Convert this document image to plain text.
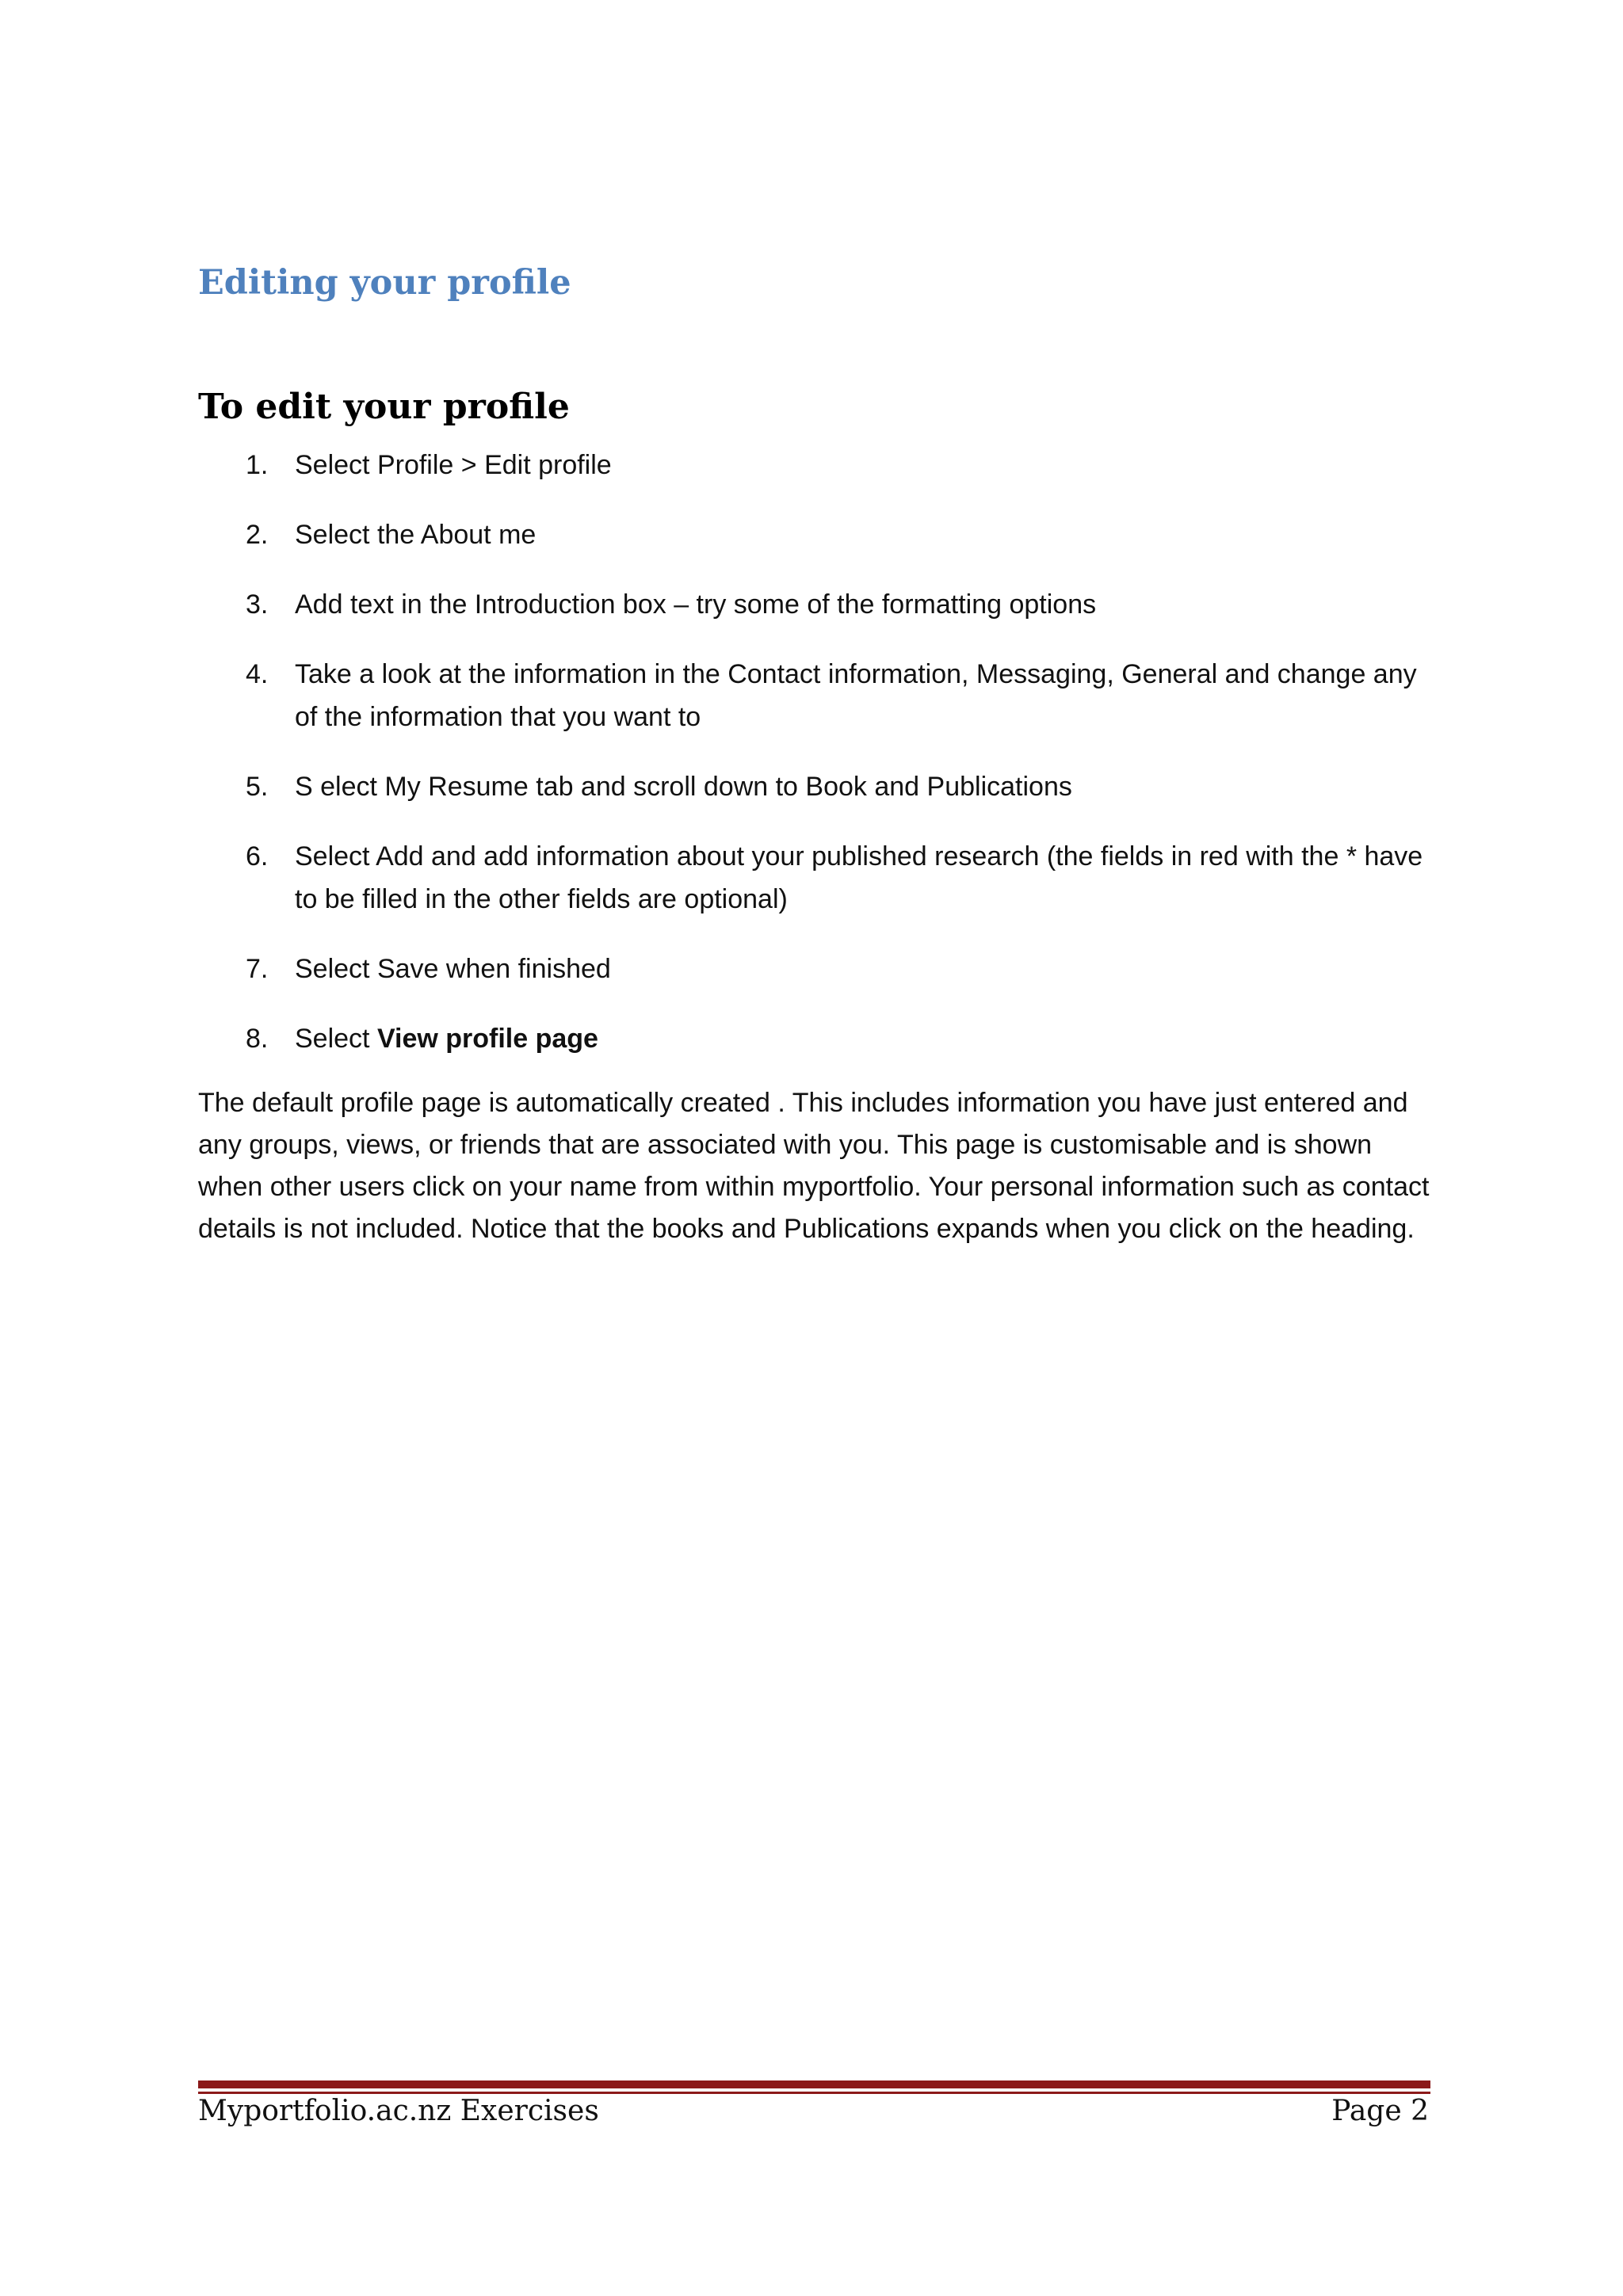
Editing your profile
To edit your profile
1. Select Profile > Edit profile
2. Select the About me
3. Add text in the Introduction box – try some of the formatting options
4. Take a look at the information in the Contact information, Messaging, General and change any of the information that you want to
5. S elect My Resume tab and scroll down to Book and Publications
6. Select Add and add information about your published research (the fields in red with the * have to be filled in the other fields are optional)
7. Select Save when finished
8. Select View profile page

The default profile page is automatically created . This includes information you have just entered and any groups, views, or friends that are associated with you. This page is customisable and is shown when other users click on your name from within myportfolio. Your personal information such as contact details is not included. Notice that the books and Publications expands when you click on the heading.

Myportfolio.ac.nz Exercises	Page 2
